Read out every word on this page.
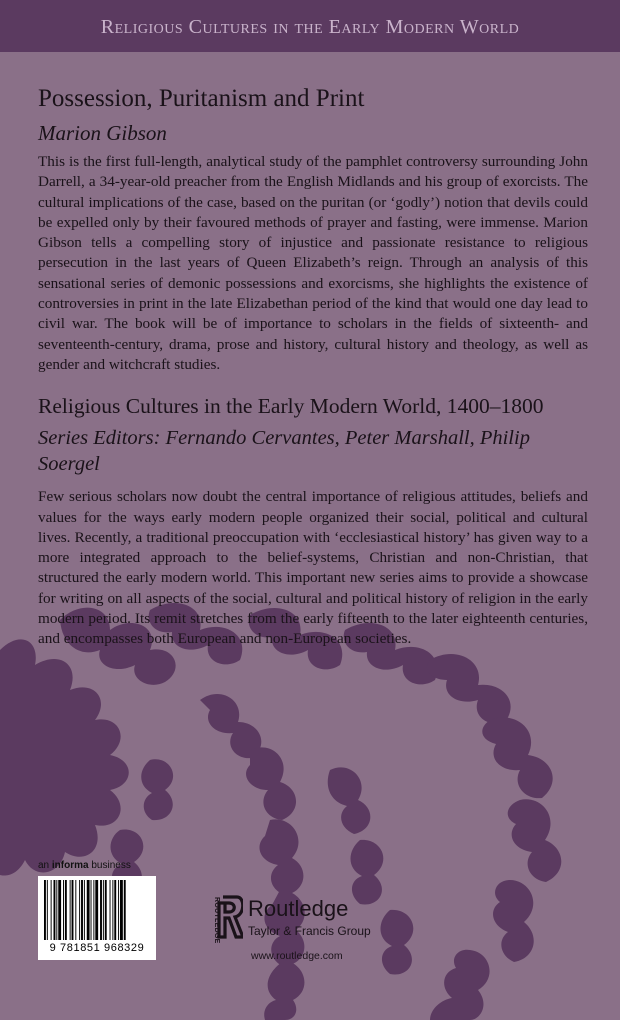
Religious Cultures in the Early Modern World
Possession, Puritanism and Print

Marion Gibson

This is the first full-length, analytical study of the pamphlet controversy surrounding John Darrell, a 34-year-old preacher from the English Midlands and his group of exorcists. The cultural implications of the case, based on the puritan (or ‘godly’) notion that devils could be expelled only by their favoured methods of prayer and fasting, were immense. Marion Gibson tells a compelling story of injustice and passionate resistance to religious persecution in the last years of Queen Elizabeth’s reign. Through an analysis of this sensational series of demonic possessions and exorcisms, she highlights the existence of controversies in print in the late Elizabethan period of the kind that would one day lead to civil war. The book will be of importance to scholars in the fields of sixteenth- and seventeenth-century, drama, prose and history, cultural history and theology, as well as gender and witchcraft studies.

Religious Cultures in the Early Modern World, 1400–1800

Series Editors: Fernando Cervantes, Peter Marshall, Philip Soergel

Few serious scholars now doubt the central importance of religious attitudes, beliefs and values for the ways early modern people organized their social, political and cultural lives. Recently, a traditional preoccupation with ‘ecclesiastical history’ has given way to a more integrated approach to the belief-systems, Christian and non-Christian, that structured the early modern world. This important new series aims to provide a showcase for writing on all aspects of the social, cultural and political history of religion in the early modern period. Its remit stretches from the early fifteenth to the later eighteenth centuries, and encompasses both European and non-European societies.

an informa business
9 781851 968329
ROUTLEDGE Routledge
Taylor & Francis Group
www.routledge.com
